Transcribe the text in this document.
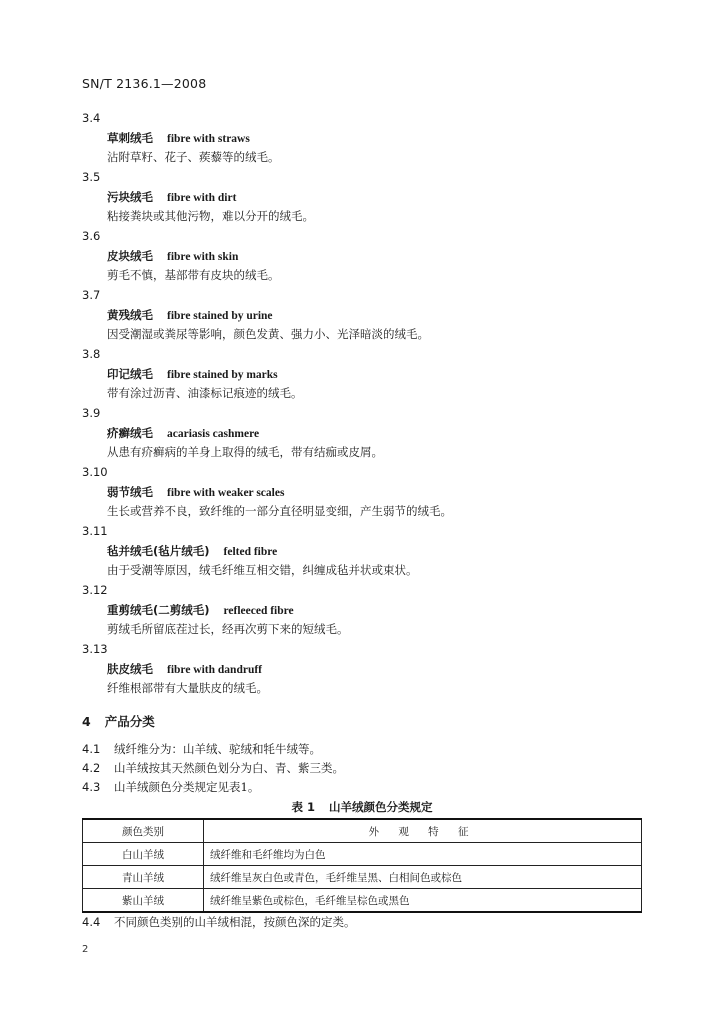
SN/T 2136.1—2008
3.4
草刺绒毛 fibre with straws
沾附草籽、花子、蒺藜等的绒毛。
3.5
污块绒毛 fibre with dirt
粘接粪块或其他污物，难以分开的绒毛。
3.6
皮块绒毛 fibre with skin
剪毛不慎，基部带有皮块的绒毛。
3.7
黄残绒毛 fibre stained by urine
因受潮湿或粪尿等影响，颜色发黄、强力小、光泽暗淡的绒毛。
3.8
印记绒毛 fibre stained by marks
带有涂过沥青、油漆标记痕迹的绒毛。
3.9
疥癣绒毛 acariasis cashmere
从患有疥癣病的羊身上取得的绒毛，带有结痂或皮屑。
3.10
弱节绒毛 fibre with weaker scales
生长或营养不良，致纤维的一部分直径明显变细，产生弱节的绒毛。
3.11
毡并绒毛(毡片绒毛) felted fibre
由于受潮等原因，绒毛纤维互相交错，纠缠成毡并状或束状。
3.12
重剪绒毛(二剪绒毛) refleeced fibre
剪绒毛所留底茬过长，经再次剪下来的短绒毛。
3.13
肤皮绒毛 fibre with dandruff
纤维根部带有大量肤皮的绒毛。
4 产品分类
4.1 绒纤维分为：山羊绒、驼绒和牦牛绒等。
4.2 山羊绒按其天然颜色划分为白、青、紫三类。
4.3 山羊绒颜色分类规定见表1。
表 1 山羊绒颜色分类规定
颜色类别	外 观 特 征
白山羊绒	绒纤维和毛纤维均为白色
青山羊绒	绒纤维呈灰白色或青色，毛纤维呈黑、白相间色或棕色
紫山羊绒	绒纤维呈紫色或棕色，毛纤维呈棕色或黑色
4.4 不同颜色类别的山羊绒相混，按颜色深的定类。
2
